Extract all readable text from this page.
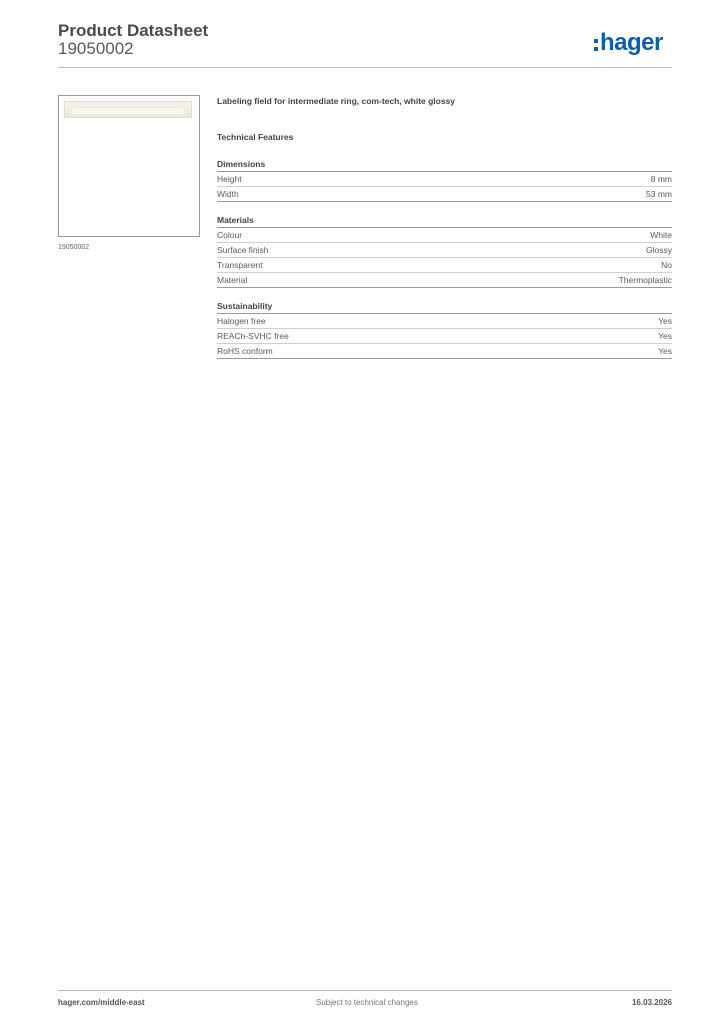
Product Datasheet
19050002	hager
19050002

Labeling field for intermediate ring, com-tech, white glossy

Technical Features

Dimensions
Height	8 mm
Width	53 mm
Materials
Colour	White
Surface finish	Glossy
Transparent	No
Material	Thermoplastic
Sustainability
Halogen free	Yes
REACh-SVHC free	Yes
RoHS conform	Yes
hager.com/middle-east	Subject to technical changes	16.03.2026
